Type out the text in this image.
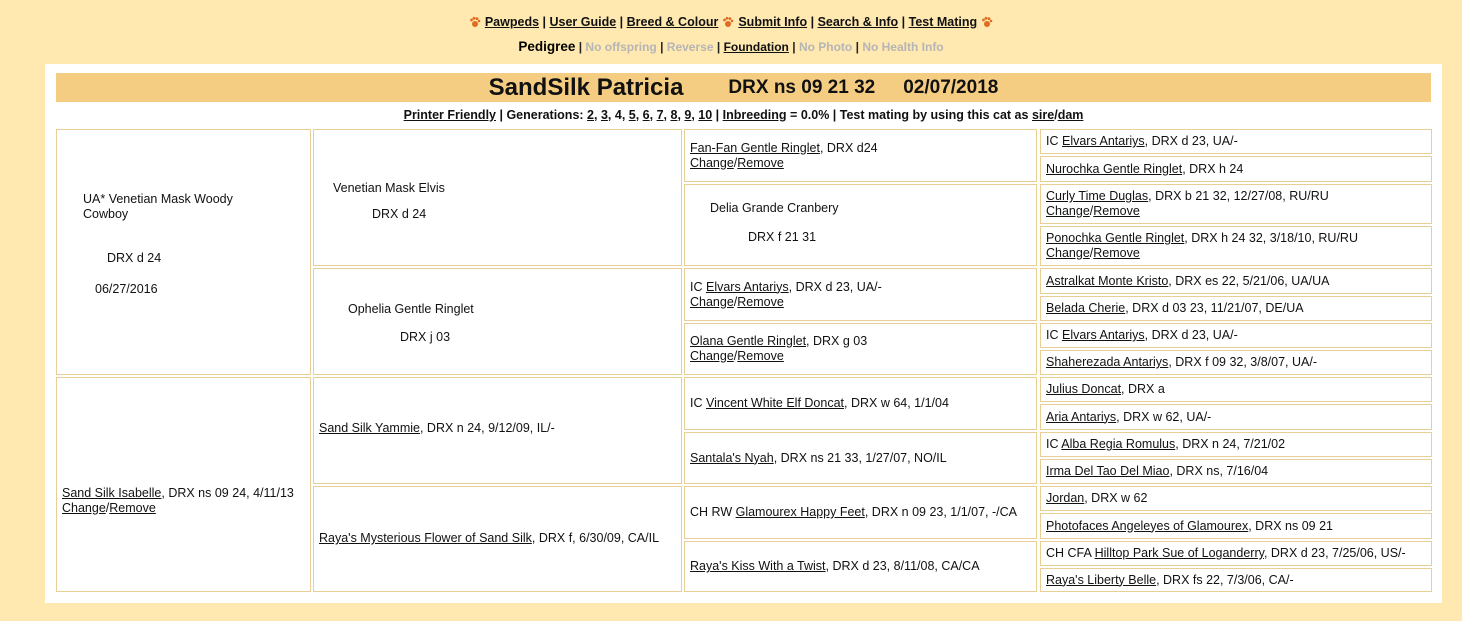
Pawpeds | User Guide | Breed & Colour Submit Info | Search & Info | Test Mating
Pedigree | No offspring | Reverse | Foundation | No Photo | No Health Info
SandSilk Patricia DRX ns 09 21 32 02/07/2018
Printer Friendly | Generations: 2, 3, 4, 5, 6, 7, 8, 9, 10 | Inbreeding = 0.0% | Test mating by using this cat as sire/dam
UA* Venetian Mask Woody
Cowboy
DRX d 24
06/27/2016
Sand Silk Isabelle, DRX ns 09 24, 4/11/13
Change/Remove
Venetian Mask Elvis
DRX d 24
Ophelia Gentle Ringlet
DRX j 03
Sand Silk Yammie, DRX n 24, 9/12/09, IL/-
Raya's Mysterious Flower of Sand Silk, DRX f, 6/30/09, CA/IL
Fan-Fan Gentle Ringlet, DRX d24
Change/Remove
Delia Grande Cranbery
DRX f 21 31
IC Elvars Antariys, DRX d 23, UA/-
Change/Remove
Olana Gentle Ringlet, DRX g 03
Change/Remove
IC Vincent White Elf Doncat, DRX w 64, 1/1/04
Santala's Nyah, DRX ns 21 33, 1/27/07, NO/IL
CH RW Glamourex Happy Feet, DRX n 09 23, 1/1/07, -/CA
Raya's Kiss With a Twist, DRX d 23, 8/11/08, CA/CA
IC Elvars Antariys, DRX d 23, UA/-
Nurochka Gentle Ringlet, DRX h 24
Curly Time Duglas, DRX b 21 32, 12/27/08, RU/RU
Change/Remove
Ponochka Gentle Ringlet, DRX h 24 32, 3/18/10, RU/RU
Change/Remove
Astralkat Monte Kristo, DRX es 22, 5/21/06, UA/UA
Belada Cherie, DRX d 03 23, 11/21/07, DE/UA
IC Elvars Antariys, DRX d 23, UA/-
Shaherezada Antariys, DRX f 09 32, 3/8/07, UA/-
Julius Doncat, DRX a
Aria Antariys, DRX w 62, UA/-
IC Alba Regia Romulus, DRX n 24, 7/21/02
Irma Del Tao Del Miao, DRX ns, 7/16/04
Jordan, DRX w 62
Photofaces Angeleyes of Glamourex, DRX ns 09 21
CH CFA Hilltop Park Sue of Loganderry, DRX d 23, 7/25/06, US/-
Raya's Liberty Belle, DRX fs 22, 7/3/06, CA/-
